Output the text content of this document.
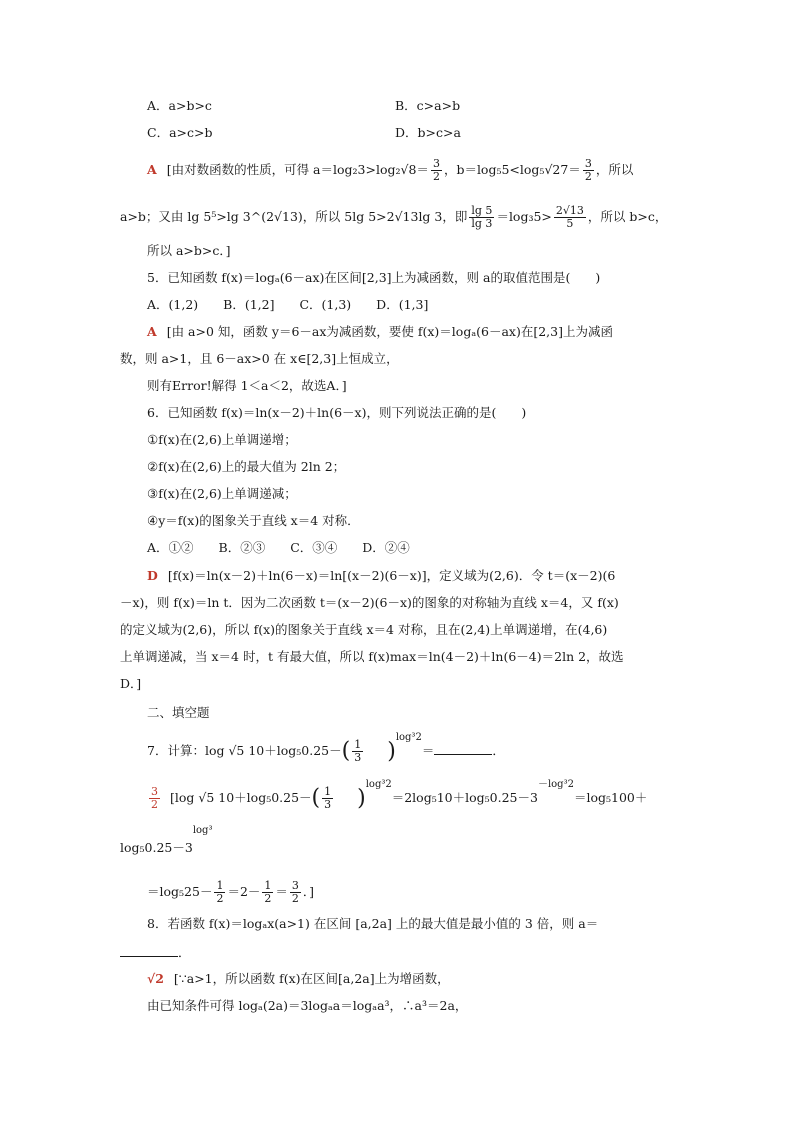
A．a>b>c	B．c>a>b
C．a>c>b	D．b>c>a
A [由对数函数的性质，可得 $a=\log_23>\log_2√8= \frac{3}{2}$ ，$b=\log_55<\log_5√27= \frac{3}{2}$ ，所以
a>b；又由 lg 5⁵>lg 3^(2√13)，所以 5lg 5>2√13lg 3，即 $\frac{\lg 5}{\lg 3} =\log_35> \frac{2√13}{5}$ ，所以 b>c，
所以 a>b>c．]
5．已知函数 f(x)＝logₐ(6－ax)在区间[2,3]上为减函数，则 a的取值范围是(　　)
A．(1,2)　　B．(1,2]　　C．(1,3)　　D．(1,3]
A [由 a>0 知，函数 y＝6－ax为减函数，要使 f(x)＝logₐ(6－ax)在[2,3]上为减函
数，则 a>1，且 6－ax>0 在 x∈[2,3]上恒成立，
则有Error!解得 1＜a＜2，故选A．]
6．已知函数 f(x)＝ln(x－2)＋ln(6－x)，则下列说法正确的是(　　)
①f(x)在(2,6)上单调递增；
②f(x)在(2,6)上的最大值为 2ln 2；
③f(x)在(2,6)上单调递减；
④y＝f(x)的图象关于直线 x＝4 对称．
A．①②　　B．②③　　C．③④　　D．②④
D [f(x)＝ln(x－2)＋ln(6－x)＝ln[(x－2)(6－x)]，定义域为(2,6)．令 t＝(x－2)(6
－x)，则 f(x)＝ln t．因为二次函数 t＝(x－2)(6－x)的图象的对称轴为直线 x＝4，又 f(x)
的定义域为(2,6)，所以 f(x)的图象关于直线 x＝4 对称，且在(2,4)上单调递增，在(4,6)
上单调递减，当 x＝4 时，t 有最大值，所以 f(x)max＝ln(4－2)＋ln(6－4)＝2ln 2，故选
D．]
二、填空题
7．计算：log √5 $10+\log_50.25-( \frac{1}{3} )^{log^32}=$	．
$\frac{3}{2} [\log$ √5 $10+\log_50.25-( \frac{1}{3} )^{log^32}=2\log_510+\log_50.25-3^{-log^32}=\log_5100+$
$\log_50.25-3^{log^3}$
$=\log_525- \frac{1}{2} =2- \frac{1}{2} = \frac{3}{2}$ ．]
8．若函数 f(x)＝logₐx(a>1) 在区间 [a,2a] 上的最大值是最小值的 3 倍，则 a＝
．
√2 [∵a>1，所以函数 f(x)在区间[a,2a]上为增函数，
由已知条件可得 logₐ(2a)＝3logₐa＝logₐa³，∴a³＝2a，
